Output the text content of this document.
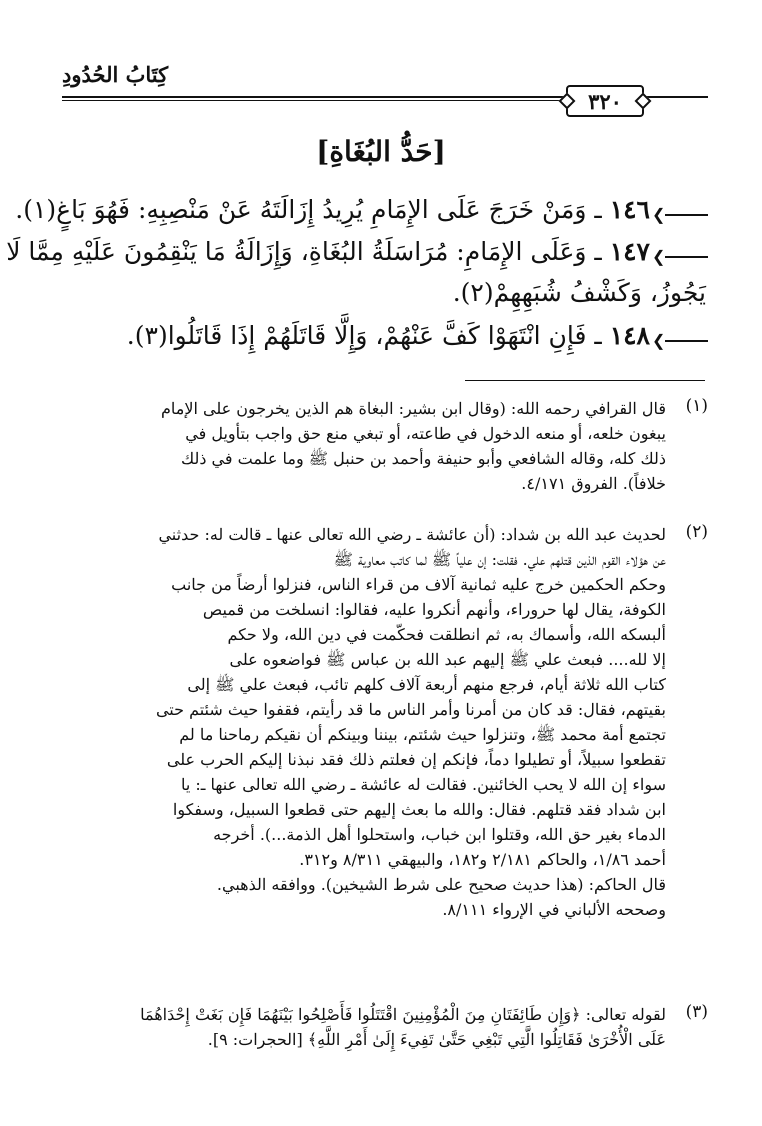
كِتَابُ الحُدُودِ
٣٢٠
[حَدُّ البُغَاةِ]
❮
١٤٦ ـ وَمَنْ خَرَجَ عَلَى الإِمَامِ يُرِيدُ إِزَالَتَهُ عَنْ مَنْصِبِهِ: فَهُوَ بَاغٍ(١).
❮
١٤٧ ـ وَعَلَى الإِمَامِ: مُرَاسَلَةُ البُغَاةِ، وَإِزَالَةُ مَا يَنْقِمُونَ عَلَيْهِ مِمَّا لَا
يَجُوزُ، وَكَشْفُ شُبَهِهِمْ(٢).
❮
١٤٨ ـ فَإِنِ انْتَهَوْا كَفَّ عَنْهُمْ، وَإِلَّا قَاتَلَهُمْ إِذَا قَاتَلُوا(٣).
(١)
قال القرافي رحمه الله: (وقال ابن بشير: البغاة هم الذين يخرجون على الإمام
يبغون خلعه، أو منعه الدخول في طاعته، أو تبغي منع حق واجب بتأويل في
ذلك كله، وقاله الشافعي وأبو حنيفة وأحمد بن حنبل ﷺ وما علمت في ذلك
خلافاً). الفروق ٤/١٧١.
(٢)
لحديث عبد الله بن شداد: (أن عائشة ـ رضي الله تعالى عنها ـ قالت له: حدثني
عن هؤلاء القوم الذين قتلهم علي. فقلت: إن علياً ﷺ لما كاتب معاوية ﷺ
وحكم الحكمين خرج عليه ثمانية آلاف من قراء الناس، فنزلوا أرضاً من جانب
الكوفة، يقال لها حروراء، وأنهم أنكروا عليه، فقالوا: انسلخت من قميص
ألبسكه الله، وأسماك به، ثم انطلقت فحكّمت في دين الله، ولا حكم
إلا لله.... فبعث علي ﷺ إليهم عبد الله بن عباس ﷺ فواضعوه على
كتاب الله ثلاثة أيام، فرجع منهم أربعة آلاف كلهم تائب، فبعث علي ﷺ إلى
بقيتهم، فقال: قد كان من أمرنا وأمر الناس ما قد رأيتم، فقفوا حيث شئتم حتى
تجتمع أمة محمد ﷺ، وتنزلوا حيث شئتم، بيننا وبينكم أن نقيكم رماحنا ما لم
تقطعوا سبيلاً، أو تطيلوا دماً، فإنكم إن فعلتم ذلك فقد نبذنا إليكم الحرب على
سواء إن الله لا يحب الخائنين. فقالت له عائشة ـ رضي الله تعالى عنها ـ: يا
ابن شداد فقد قتلهم. فقال: والله ما بعث إليهم حتى قطعوا السبيل، وسفكوا
الدماء بغير حق الله، وقتلوا ابن خباب، واستحلوا أهل الذمة...). أخرجه
أحمد ١/٨٦، والحاكم ٢/١٨١ و١٨٢، والبيهقي ٨/٣١١ و٣١٢.
قال الحاكم: (هذا حديث صحيح على شرط الشيخين). ووافقه الذهبي.
وصححه الألباني في الإرواء ٨/١١١.
(٣)
لقوله تعالى: ﴿وَإِن طَائِفَتَانِ مِنَ الْمُؤْمِنِينَ اقْتَتَلُوا فَأَصْلِحُوا بَيْنَهُمَا فَإِن بَغَتْ إِحْدَاهُمَا
عَلَى الْأُخْرَىٰ فَقَاتِلُوا الَّتِي تَبْغِي حَتَّىٰ تَفِيءَ إِلَىٰ أَمْرِ اللَّهِ﴾ [الحجرات: ٩].
